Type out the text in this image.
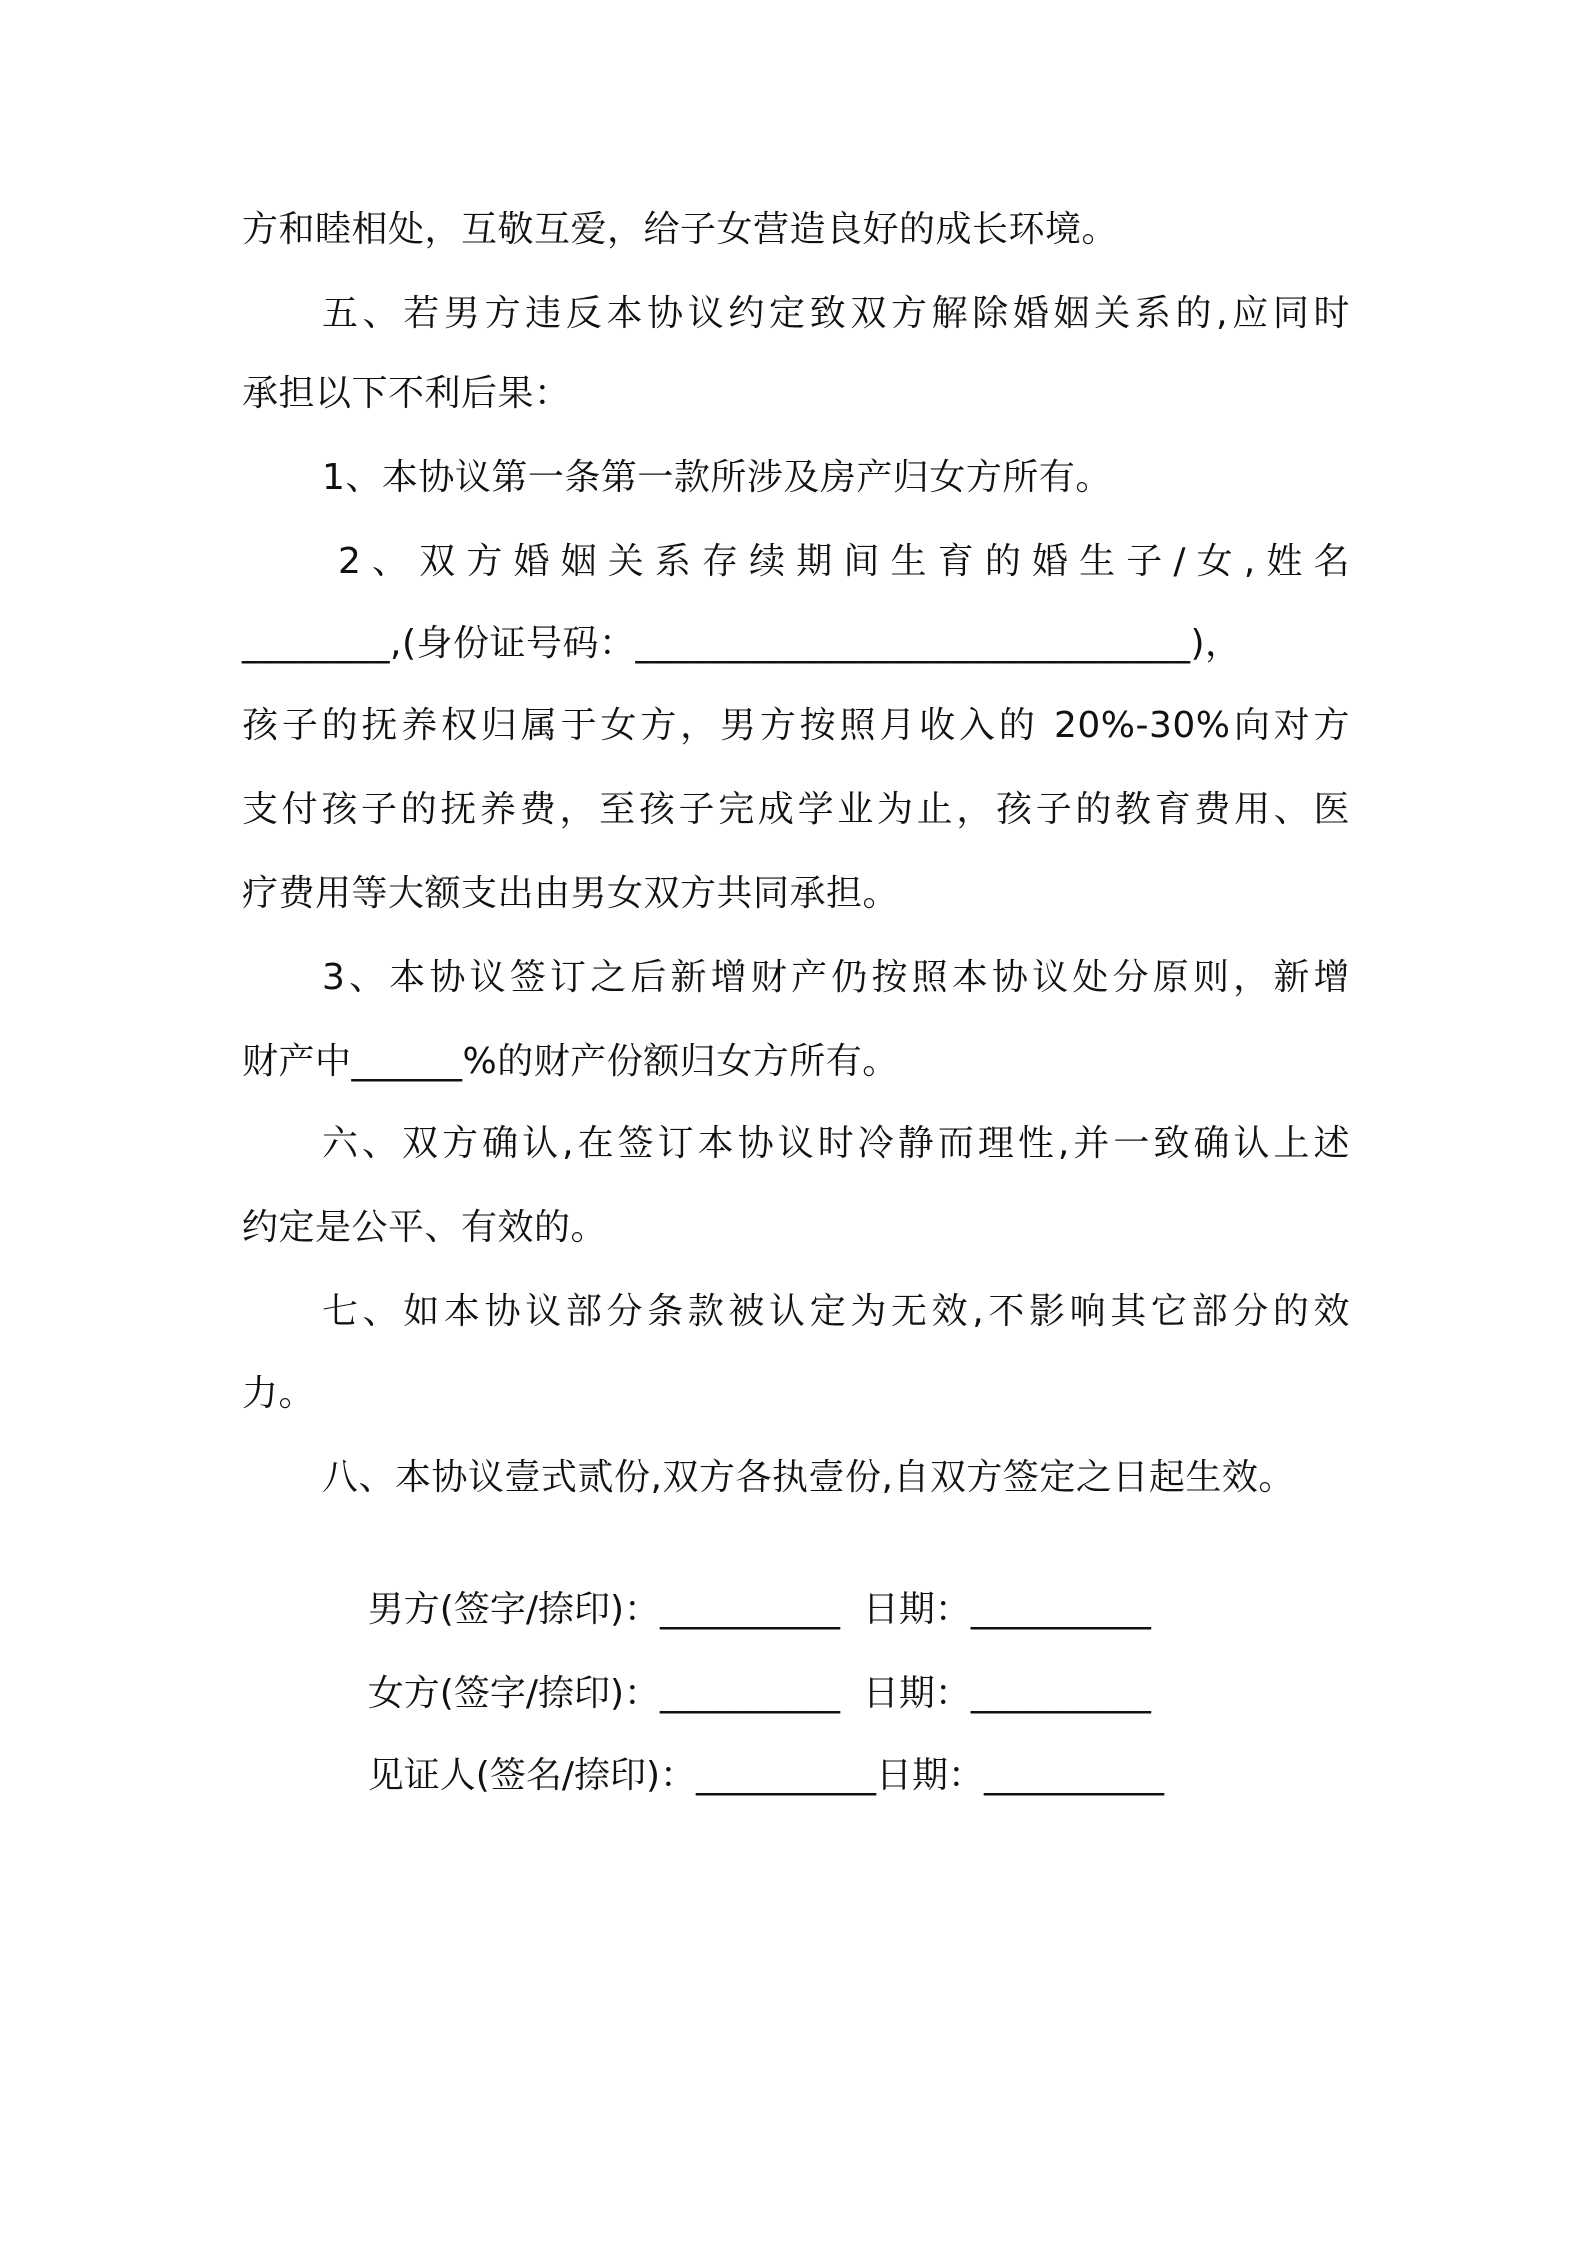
方和睦相处，互敬互爱，给子女营造良好的成长环境。
五、若男方违反本协议约定致双方解除婚姻关系的,应同时
承担以下不利后果：
1、本协议第一条第一款所涉及房产归女方所有。
2、双方婚姻关系存续期间生育的婚生子/女,姓名
________,(身份证号码：______________________________)，
孩子的抚养权归属于女方，男方按照月收入的 20%-30%向对方
支付孩子的抚养费，至孩子完成学业为止，孩子的教育费用、医
疗费用等大额支出由男女双方共同承担。
3、本协议签订之后新增财产仍按照本协议处分原则，新增
财产中______%的财产份额归女方所有。
六、双方确认,在签订本协议时冷静而理性,并一致确认上述
约定是公平、有效的。
七、如本协议部分条款被认定为无效,不影响其它部分的效
力。
八、本协议壹式贰份,双方各执壹份,自双方签定之日起生效。

男方(签字/捺印)：__________ 日期：__________

女方(签字/捺印)：__________ 日期：__________

见证人(签名/捺印)：__________日期：__________
